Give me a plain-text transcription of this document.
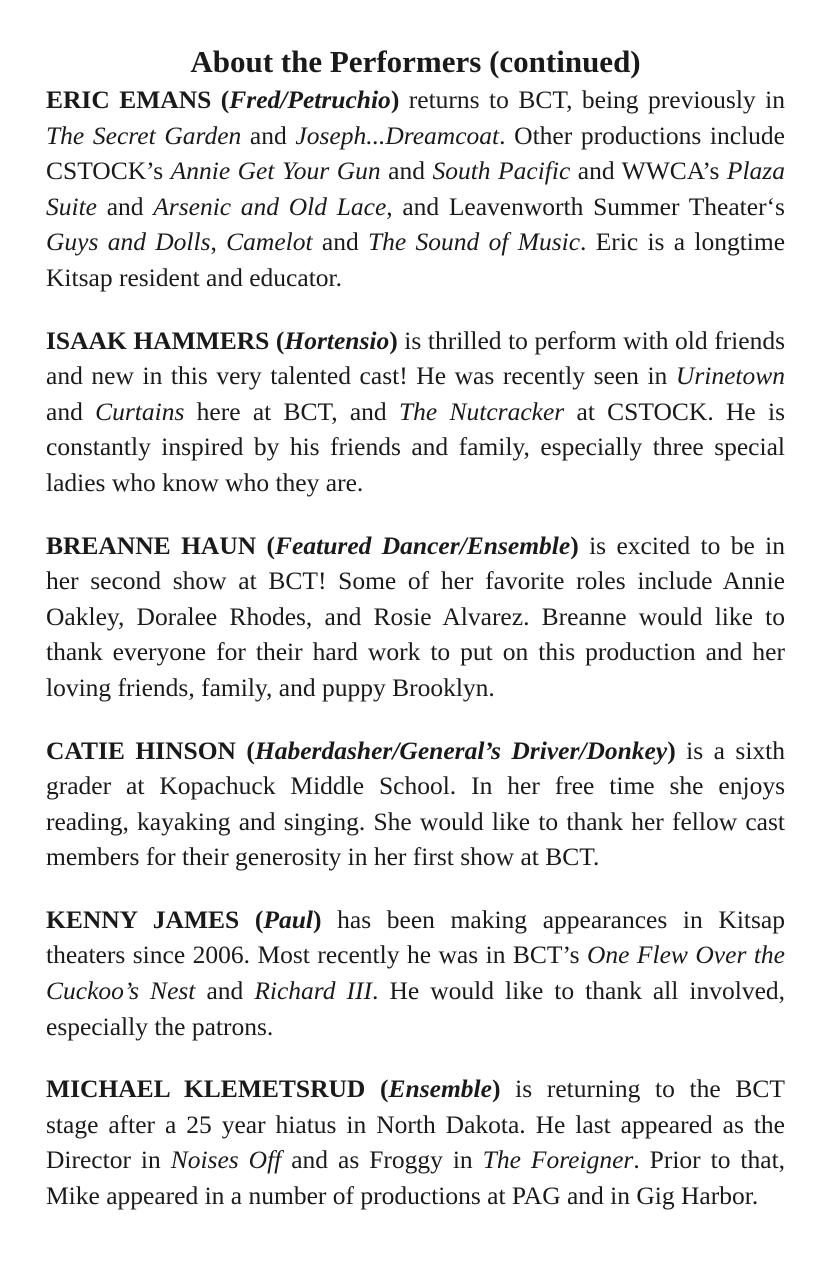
About the Performers (continued)

ERIC EMANS (Fred/Petruchio) returns to BCT, being previously in The Secret Garden and Joseph...Dreamcoat. Other productions include CSTOCK’s Annie Get Your Gun and South Pacific and WWCA’s Plaza Suite and Arsenic and Old Lace, and Leavenworth Summer Theater‘s Guys and Dolls, Camelot and The Sound of Music. Eric is a longtime Kitsap resident and educator.

ISAAK HAMMERS (Hortensio) is thrilled to perform with old friends and new in this very talented cast! He was recently seen in Urinetown and Curtains here at BCT, and The Nutcracker at CSTOCK. He is constantly inspired by his friends and family, especially three special ladies who know who they are.

BREANNE HAUN (Featured Dancer/Ensemble) is excited to be in her second show at BCT! Some of her favorite roles include Annie Oakley, Doralee Rhodes, and Rosie Alvarez. Breanne would like to thank everyone for their hard work to put on this production and her loving friends, family, and puppy Brooklyn.

CATIE HINSON (Haberdasher/General’s Driver/Donkey) is a sixth grader at Kopachuck Middle School. In her free time she enjoys reading, kayaking and singing. She would like to thank her fellow cast members for their generosity in her first show at BCT.

KENNY JAMES (Paul) has been making appearances in Kitsap theaters since 2006. Most recently he was in BCT’s One Flew Over the Cuckoo’s Nest and Richard III. He would like to thank all involved, especially the patrons.

MICHAEL KLEMETSRUD (Ensemble) is returning to the BCT stage after a 25 year hiatus in North Dakota. He last appeared as the Director in Noises Off and as Froggy in The Foreigner. Prior to that, Mike appeared in a number of productions at PAG and in Gig Harbor.
